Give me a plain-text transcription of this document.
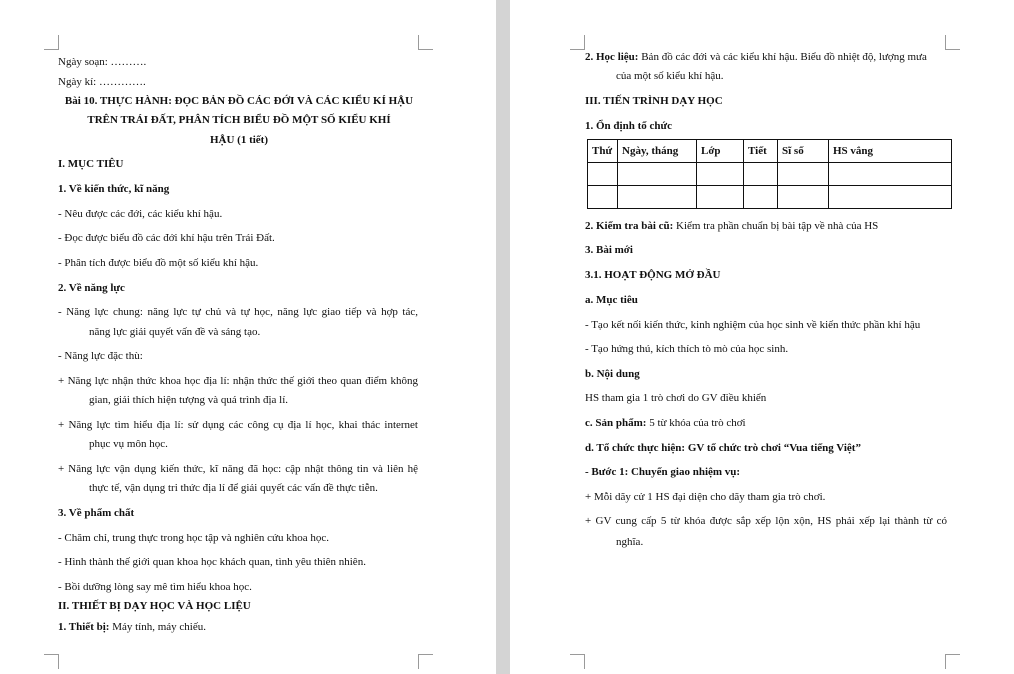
Ngày soạn: ……….
Ngày kí: ………….
Bài 10. THỰC HÀNH: ĐỌC BẢN ĐỒ CÁC ĐỚI VÀ CÁC KIỂU KÍ HẬU
TRÊN TRÁI ĐẤT, PHÂN TÍCH BIỂU ĐỒ MỘT SỐ KIỂU KHÍ
HẬU (1 tiết)
I. MỤC TIÊU
1. Về kiến thức, kĩ năng
- Nêu được các đới, các kiểu khí hậu.
- Đọc được biểu đồ các đới khí hậu trên Trái Đất.
- Phân tích được biểu đồ một số kiểu khí hậu.
2. Về năng lực
- Năng lực chung: năng lực tự chủ và tự học, năng lực giao tiếp và hợp tác,
năng lực giải quyết vấn đề và sáng tạo.
- Năng lực đặc thù:
+ Năng lực nhận thức khoa học địa lí: nhận thức thế giới theo quan điểm không
gian, giải thích hiện tượng và quá trình địa lí.
+ Năng lực tìm hiểu địa lí: sử dụng các công cụ địa lí học, khai thác internet
phục vụ môn học.
+ Năng lực vận dụng kiến thức, kĩ năng đã học: cập nhật thông tin và liên hệ
thực tế, vận dụng tri thức địa lí để giải quyết các vấn đề thực tiễn.
3. Về phẩm chất
- Chăm chỉ, trung thực trong học tập và nghiên cứu khoa học.
- Hình thành thế giới quan khoa học khách quan, tình yêu thiên nhiên.
- Bồi dưỡng lòng say mê tìm hiểu khoa học.
II. THIẾT BỊ DẠY HỌC VÀ HỌC LIỆU
1. Thiết bị: Máy tính, máy chiếu.
2. Học liệu: Bản đồ các đới và các kiểu khí hậu. Biểu đồ nhiệt độ, lượng mưa
của một số kiểu khí hậu.
III. TIẾN TRÌNH DẠY HỌC
1. Ổn định tổ chức
Thứ	Ngày, tháng	Lớp	Tiết	Sĩ số	HS vắng

2. Kiểm tra bài cũ: Kiểm tra phần chuẩn bị bài tập về nhà của HS
3. Bài mới
3.1. HOẠT ĐỘNG MỞ ĐẦU
a. Mục tiêu
- Tạo kết nối kiến thức, kinh nghiệm của học sinh về kiến thức phần khí hậu
- Tạo hứng thú, kích thích tò mò của học sinh.
b. Nội dung
HS tham gia 1 trò chơi do GV điều khiển
c. Sản phẩm: 5 từ khóa của trò chơi
d. Tổ chức thực hiện: GV tổ chức trò chơi “Vua tiếng Việt”
- Bước 1: Chuyển giao nhiệm vụ:
+ Mỗi dãy cử 1 HS đại diện cho dãy tham gia trò chơi.
+ GV cung cấp 5 từ khóa được sắp xếp lộn xộn, HS phải xếp lại thành từ có
nghĩa.
